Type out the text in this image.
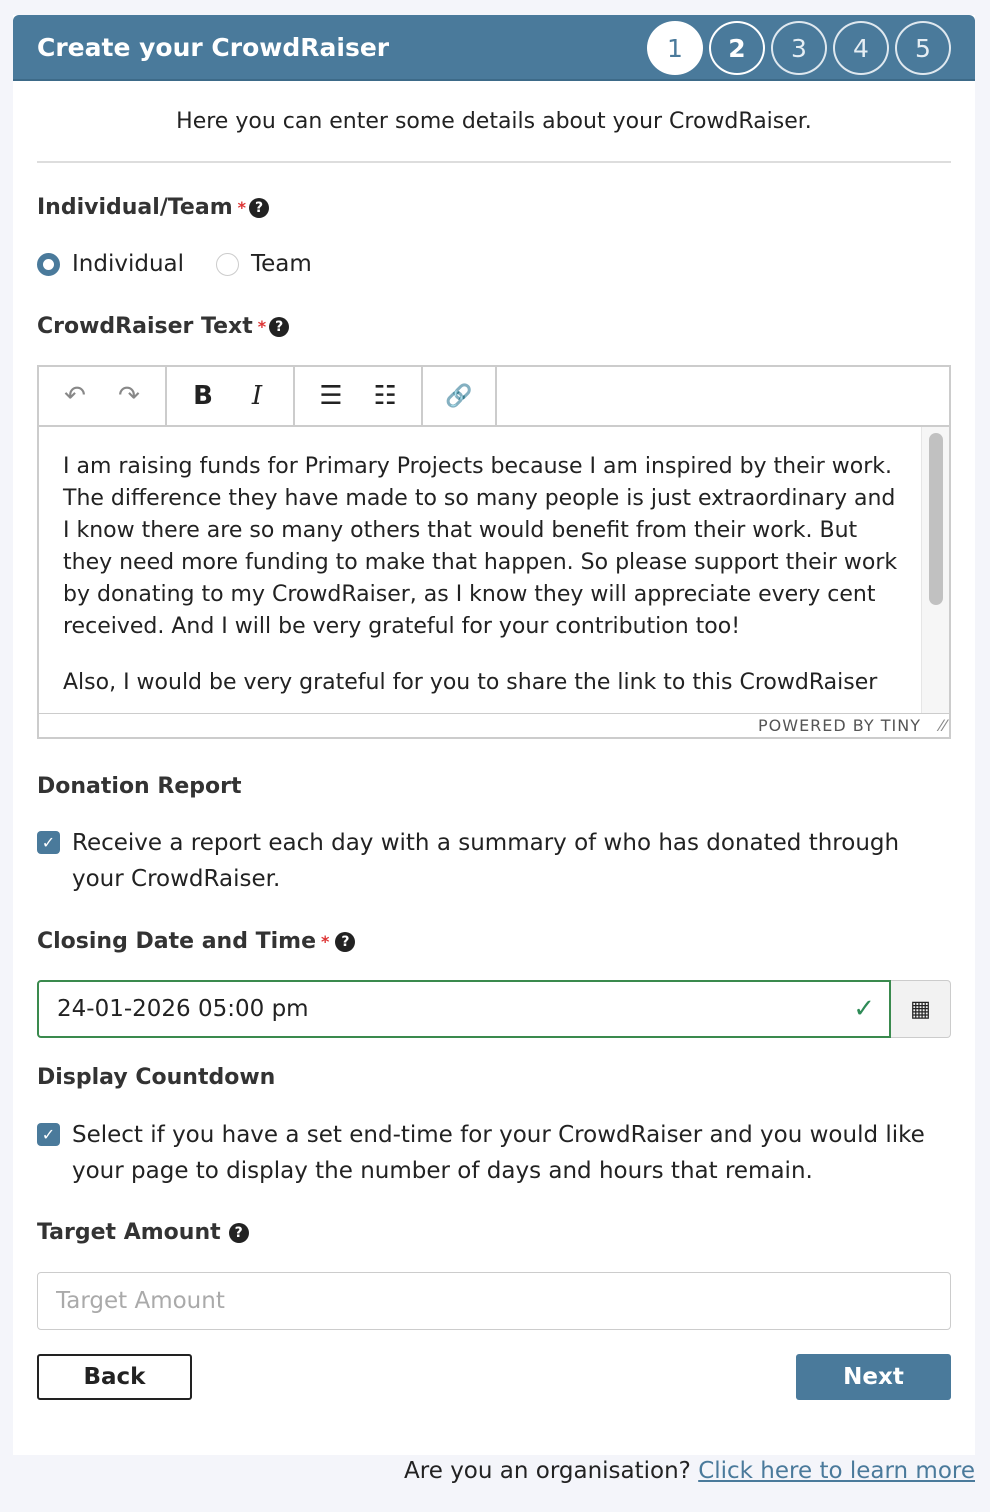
Create your CrowdRaiser	1	2	3	4	5
Here you can enter some details about your CrowdRaiser.
Individual/Team * ?
Individual	Team
CrowdRaiser Text * ?
↶ ↷ B	I	☰ ☷ 🔗

I am raising funds for Primary Projects because I am inspired by their work. The difference they have made to so many people is just extraordinary and I know there are so many others that would benefit from their work. But they need more funding to make that happen. So please support their work by donating to my CrowdRaiser, as I know they will appreciate every cent received. And I will be very grateful for your contribution too!

Also, I would be very grateful for you to share the link to this CrowdRaiser

POWERED BY TINY ⁄⁄
Donation Report
✓ Receive a report each day with a summary of who has donated through your CrowdRaiser.
Closing Date and Time * ?
24-01-2026 05:00 pm	✓ ▦
Display Countdown
✓ Select if you have a set end-time for your CrowdRaiser and you would like your page to display the number of days and hours that remain.
Target Amount ?
Target Amount
Back	Next
Are you an organisation? Click here to learn more
